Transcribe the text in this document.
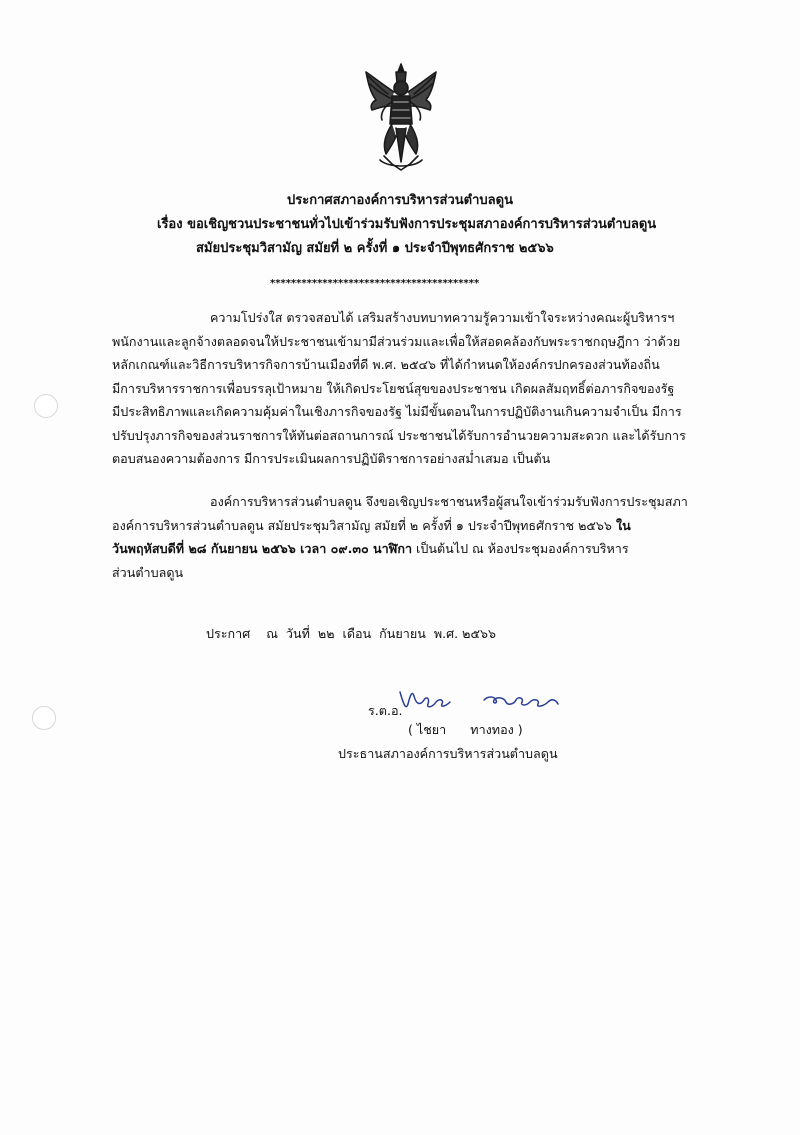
ประกาศสภาองค์การบริหารส่วนตำบลดูน
เรื่อง ขอเชิญชวนประชาชนทั่วไปเข้าร่วมรับฟังการประชุมสภาองค์การบริหารส่วนตำบลดูน
สมัยประชุมวิสามัญ สมัยที่ ๒ ครั้งที่ ๑ ประจำปีพุทธศักราช ๒๕๖๖
****************************************
ความโปร่งใส ตรวจสอบได้ เสริมสร้างบทบาทความรู้ความเข้าใจระหว่างคณะผู้บริหารฯ
พนักงานและลูกจ้างตลอดจนให้ประชาชนเข้ามามีส่วนร่วมและเพื่อให้สอดคล้องกับพระราชกฤษฎีกา ว่าด้วย
หลักเกณฑ์และวิธีการบริหารกิจการบ้านเมืองที่ดี พ.ศ. ๒๕๔๖ ที่ได้กำหนดให้องค์กรปกครองส่วนท้องถิ่น
มีการบริหารราชการเพื่อบรรลุเป้าหมาย ให้เกิดประโยชน์สุขของประชาชน เกิดผลสัมฤทธิ์ต่อภารกิจของรัฐ
มีประสิทธิภาพและเกิดความคุ้มค่าในเชิงภารกิจของรัฐ ไม่มีขั้นตอนในการปฏิบัติงานเกินความจำเป็น มีการ
ปรับปรุงภารกิจของส่วนราชการให้ทันต่อสถานการณ์ ประชาชนได้รับการอำนวยความสะดวก และได้รับการ
ตอบสนองความต้องการ มีการประเมินผลการปฏิบัติราชการอย่างสม่ำเสมอ เป็นต้น
องค์การบริหารส่วนตำบลดูน จึงขอเชิญประชาชนหรือผู้สนใจเข้าร่วมรับฟังการประชุมสภา
องค์การบริหารส่วนตำบลดูน สมัยประชุมวิสามัญ สมัยที่ ๒ ครั้งที่ ๑ ประจำปีพุทธศักราช ๒๕๖๖ ใน
วันพฤหัสบดีที่ ๒๘ กันยายน ๒๕๖๖ เวลา ๐๙.๓๐ นาฬิกา เป็นต้นไป ณ ห้องประชุมองค์การบริหาร
ส่วนตำบลดูน
ประกาศ    ณ  วันที่  ๒๒  เดือน  กันยายน  พ.ศ. ๒๕๖๖
ร.ต.อ.
( ไชยา      ทางทอง )
ประธานสภาองค์การบริหารส่วนตำบลดูน
